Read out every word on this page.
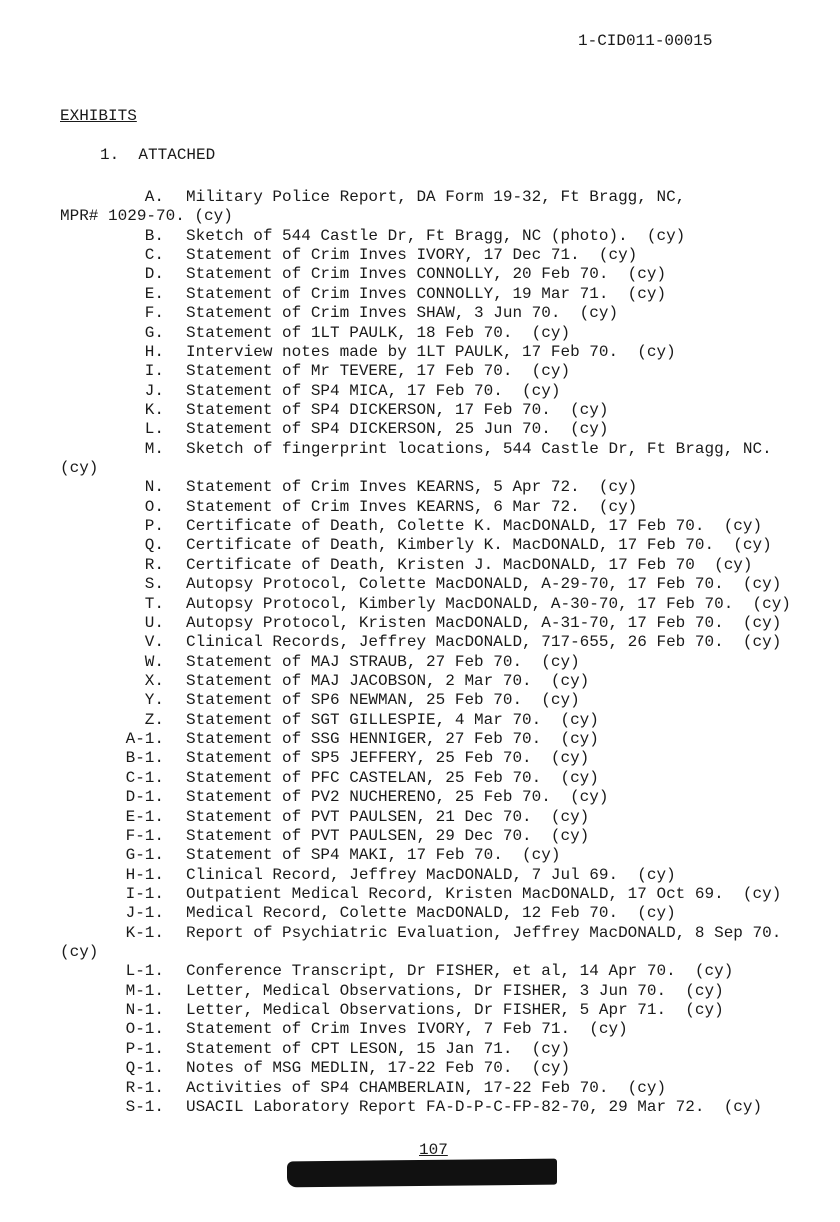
1-CID011-00015
EXHIBITS
1. ATTACHED
A. Military Police Report, DA Form 19-32, Ft Bragg, NC,
MPR# 1029-70. (cy)
B. Sketch of 544 Castle Dr, Ft Bragg, NC (photo).  (cy)
C. Statement of Crim Inves IVORY, 17 Dec 71.  (cy)
D. Statement of Crim Inves CONNOLLY, 20 Feb 70.  (cy)
E. Statement of Crim Inves CONNOLLY, 19 Mar 71.  (cy)
F. Statement of Crim Inves SHAW, 3 Jun 70.  (cy)
G. Statement of 1LT PAULK, 18 Feb 70.  (cy)
H. Interview notes made by 1LT PAULK, 17 Feb 70.  (cy)
I. Statement of Mr TEVERE, 17 Feb 70.  (cy)
J. Statement of SP4 MICA, 17 Feb 70.  (cy)
K. Statement of SP4 DICKERSON, 17 Feb 70.  (cy)
L. Statement of SP4 DICKERSON, 25 Jun 70.  (cy)
M. Sketch of fingerprint locations, 544 Castle Dr, Ft Bragg, NC.
(cy)
N. Statement of Crim Inves KEARNS, 5 Apr 72.  (cy)
O. Statement of Crim Inves KEARNS, 6 Mar 72.  (cy)
P. Certificate of Death, Colette K. MacDONALD, 17 Feb 70.  (cy)
Q. Certificate of Death, Kimberly K. MacDONALD, 17 Feb 70.  (cy)
R. Certificate of Death, Kristen J. MacDONALD, 17 Feb 70  (cy)
S. Autopsy Protocol, Colette MacDONALD, A-29-70, 17 Feb 70.  (cy)
T. Autopsy Protocol, Kimberly MacDONALD, A-30-70, 17 Feb 70.  (cy)
U. Autopsy Protocol, Kristen MacDONALD, A-31-70, 17 Feb 70.  (cy)
V. Clinical Records, Jeffrey MacDONALD, 717-655, 26 Feb 70.  (cy)
W. Statement of MAJ STRAUB, 27 Feb 70.  (cy)
X. Statement of MAJ JACOBSON, 2 Mar 70.  (cy)
Y. Statement of SP6 NEWMAN, 25 Feb 70.  (cy)
Z. Statement of SGT GILLESPIE, 4 Mar 70.  (cy)
A-1. Statement of SSG HENNIGER, 27 Feb 70.  (cy)
B-1. Statement of SP5 JEFFERY, 25 Feb 70.  (cy)
C-1. Statement of PFC CASTELAN, 25 Feb 70.  (cy)
D-1. Statement of PV2 NUCHERENO, 25 Feb 70.  (cy)
E-1. Statement of PVT PAULSEN, 21 Dec 70.  (cy)
F-1. Statement of PVT PAULSEN, 29 Dec 70.  (cy)
G-1. Statement of SP4 MAKI, 17 Feb 70.  (cy)
H-1. Clinical Record, Jeffrey MacDONALD, 7 Jul 69.  (cy)
I-1. Outpatient Medical Record, Kristen MacDONALD, 17 Oct 69.  (cy)
J-1. Medical Record, Colette MacDONALD, 12 Feb 70.  (cy)
K-1. Report of Psychiatric Evaluation, Jeffrey MacDONALD, 8 Sep 70.
(cy)
L-1. Conference Transcript, Dr FISHER, et al, 14 Apr 70.  (cy)
M-1. Letter, Medical Observations, Dr FISHER, 3 Jun 70.  (cy)
N-1. Letter, Medical Observations, Dr FISHER, 5 Apr 71.  (cy)
O-1. Statement of Crim Inves IVORY, 7 Feb 71.  (cy)
P-1. Statement of CPT LESON, 15 Jan 71.  (cy)
Q-1. Notes of MSG MEDLIN, 17-22 Feb 70.  (cy)
R-1. Activities of SP4 CHAMBERLAIN, 17-22 Feb 70.  (cy)
S-1. USACIL Laboratory Report FA-D-P-C-FP-82-70, 29 Mar 72.  (cy)
107
